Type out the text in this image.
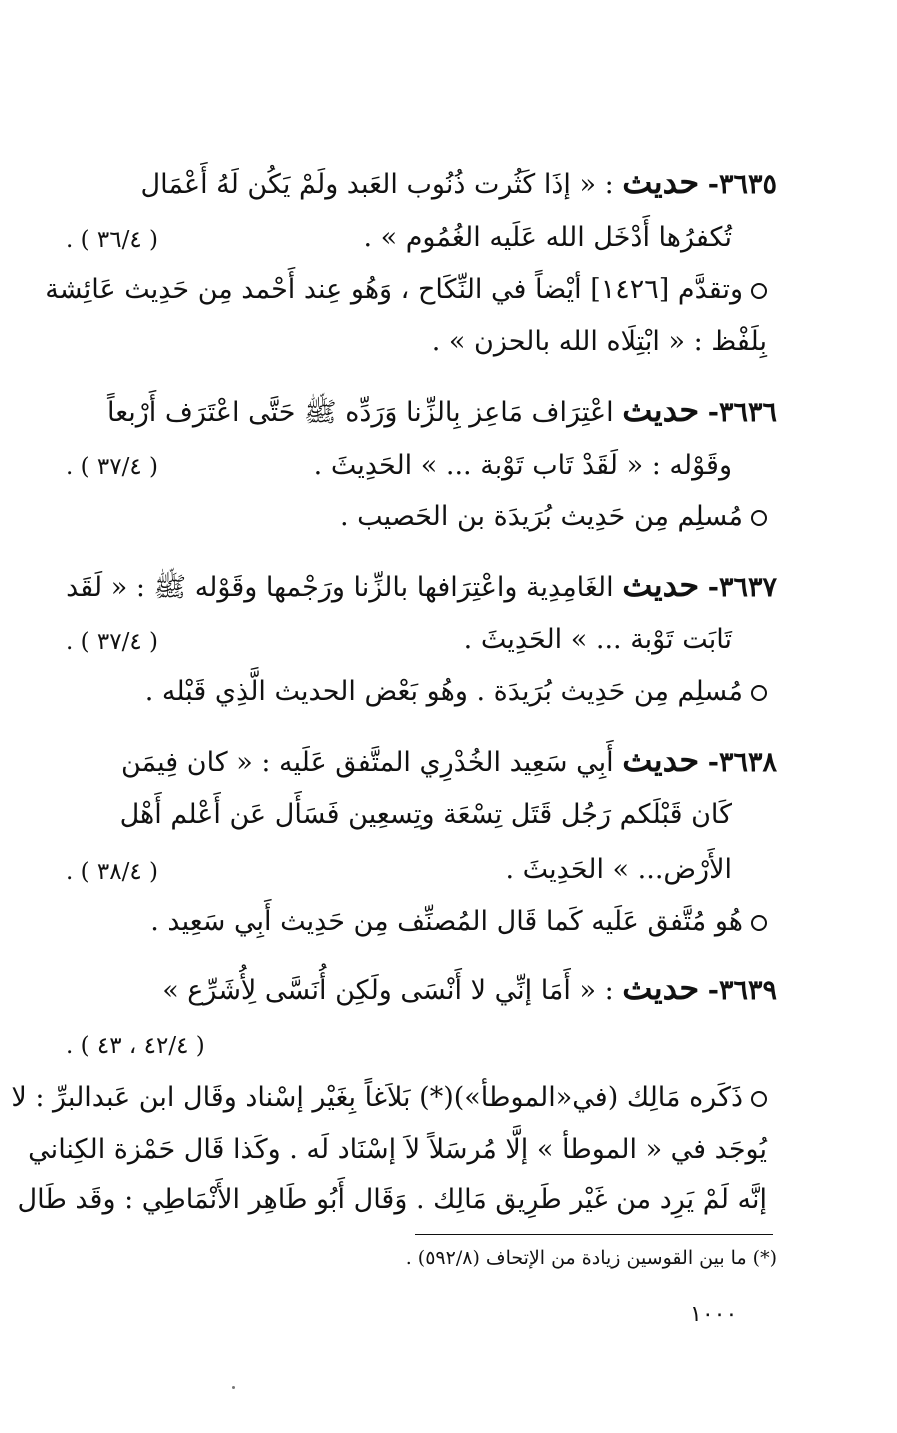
٣٦٣٥- حديث : « إذَا كَثُرت ذُنُوب العَبد ولَمْ يَكُن لَهُ أَعْمَال
تُكفرُها أَدْخَل الله عَلَيه الغُمُوم » .
( ٣٦/٤ ) .
وتقدَّم [١٤٢٦] أيْضاً في النِّكَاح ، وَهُو عِند أَحْمد مِن حَدِيث عَائِشة
بِلَفْظ : « ابْتِلَاه الله بالحزن » .
٣٦٣٦- حديث اعْتِرَاف مَاعِز بِالزِّنا وَرَدِّه ﷺ حَتَّى اعْتَرَف أَرْبعاً
وقَوْله : « لَقَدْ تَاب تَوْبة ... » الحَدِيثَ .
( ٣٧/٤ ) .
مُسلِم مِن حَدِيث بُرَيدَة بن الحَصيب .
٣٦٣٧- حديث الغَامِدِية واعْتِرَافها بالزِّنا ورَجْمها وقَوْله ﷺ : « لَقَد
تَابَت تَوْبة ... » الحَدِيثَ .
( ٣٧/٤ ) .
مُسلِم مِن حَدِيث بُرَيدَة . وهُو بَعْض الحديث الَّذِي قَبْله .
٣٦٣٨- حديث أَبِي سَعِيد الخُدْرِي المتَّفق عَلَيه : « كان فِيمَن
كَان قَبْلَكم رَجُل قَتَل تِسْعَة وتِسعِين فَسَأَل عَن أَعْلم أَهْل
الأَرْض... » الحَدِيثَ .
( ٣٨/٤ ) .
هُو مُتَّفق عَلَيه كَما قَال المُصنِّف مِن حَدِيث أَبِي سَعِيد .
٣٦٣٩- حديث : « أَمَا إنِّي لا أَنْسَى ولَكِن أُنَسَّى لِأُشَرِّع »
( ٤٢/٤ ، ٤٣ ) .
ذَكَره مَالِك (في«الموطأ»)(*) بَلاَغاً بِغَيْر إسْناد وقَال ابن عَبدالبرِّ : لا
يُوجَد في « الموطأ » إلَّا مُرسَلاً لاَ إسْنَاد لَه . وكَذا قَال حَمْزة الكِناني
إنَّه لَمْ يَرِد من غَيْر طَرِيق مَالِك . وَقَال أَبُو طَاهِر الأَنْمَاطِي : وقَد طَال
(*) ما بين القوسين زيادة من الإتحاف (٥٩٢/٨) .
١٠٠٠
